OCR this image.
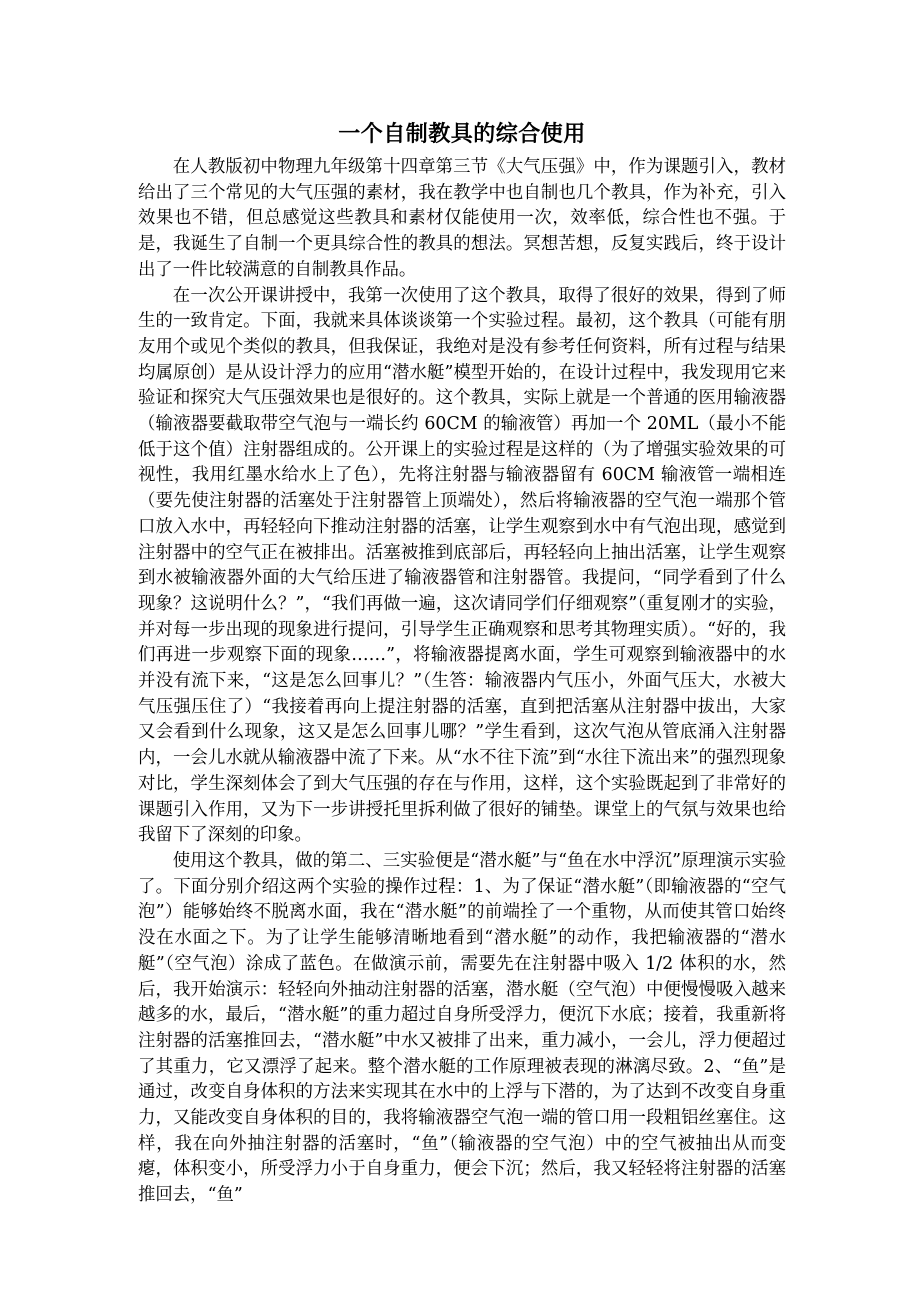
一个自制教具的综合使用

在人教版初中物理九年级第十四章第三节《大气压强》中，作为课题引入，教材给出了三个常见的大气压强的素材，我在教学中也自制也几个教具，作为补充，引入效果也不错，但总感觉这些教具和素材仅能使用一次，效率低，综合性也不强。于是，我诞生了自制一个更具综合性的教具的想法。冥想苦想，反复实践后，终于设计出了一件比较满意的自制教具作品。

在一次公开课讲授中，我第一次使用了这个教具，取得了很好的效果，得到了师生的一致肯定。下面，我就来具体谈谈第一个实验过程。最初，这个教具（可能有朋友用个或见个类似的教具，但我保证，我绝对是没有参考任何资料，所有过程与结果均属原创）是从设计浮力的应用“潜水艇”模型开始的，在设计过程中，我发现用它来验证和探究大气压强效果也是很好的。这个教具，实际上就是一个普通的医用输液器（输液器要截取带空气泡与一端长约 60CM 的输液管）再加一个 20ML（最小不能低于这个值）注射器组成的。公开课上的实验过程是这样的（为了增强实验效果的可视性，我用红墨水给水上了色），先将注射器与输液器留有 60CM 输液管一端相连（要先使注射器的活塞处于注射器管上顶端处），然后将输液器的空气泡一端那个管口放入水中，再轻轻向下推动注射器的活塞，让学生观察到水中有气泡出现，感觉到注射器中的空气正在被排出。活塞被推到底部后，再轻轻向上抽出活塞，让学生观察到水被输液器外面的大气给压进了输液器管和注射器管。我提问，“同学看到了什么现象？这说明什么？”，“我们再做一遍，这次请同学们仔细观察”（重复刚才的实验，并对每一步出现的现象进行提问，引导学生正确观察和思考其物理实质）。“好的，我们再进一步观察下面的现象……”，将输液器提离水面，学生可观察到输液器中的水并没有流下来，“这是怎么回事儿？”（生答：输液器内气压小，外面气压大，水被大气压强压住了）“我接着再向上提注射器的活塞，直到把活塞从注射器中拔出，大家又会看到什么现象，这又是怎么回事儿哪？”学生看到，这次气泡从管底涌入注射器内，一会儿水就从输液器中流了下来。从“水不往下流”到“水往下流出来”的强烈现象对比，学生深刻体会了到大气压强的存在与作用，这样，这个实验既起到了非常好的课题引入作用，又为下一步讲授托里拆利做了很好的铺垫。课堂上的气氛与效果也给我留下了深刻的印象。

使用这个教具，做的第二、三实验便是“潜水艇”与“鱼在水中浮沉”原理演示实验了。下面分别介绍这两个实验的操作过程：1、为了保证“潜水艇”（即输液器的“空气泡”）能够始终不脱离水面，我在“潜水艇”的前端拴了一个重物，从而使其管口始终没在水面之下。为了让学生能够清晰地看到“潜水艇”的动作，我把输液器的“潜水艇”（空气泡）涂成了蓝色。在做演示前，需要先在注射器中吸入 1/2 体积的水，然后，我开始演示：轻轻向外抽动注射器的活塞，潜水艇（空气泡）中便慢慢吸入越来越多的水，最后，“潜水艇”的重力超过自身所受浮力，便沉下水底；接着，我重新将注射器的活塞推回去，“潜水艇”中水又被排了出来，重力减小，一会儿，浮力便超过了其重力，它又漂浮了起来。整个潜水艇的工作原理被表现的淋漓尽致。2、“鱼”是通过，改变自身体积的方法来实现其在水中的上浮与下潜的，为了达到不改变自身重力，又能改变自身体积的目的，我将输液器空气泡一端的管口用一段粗铝丝塞住。这样，我在向外抽注射器的活塞时，“鱼”（输液器的空气泡）中的空气被抽出从而变瘪，体积变小，所受浮力小于自身重力，便会下沉；然后，我又轻轻将注射器的活塞推回去，“鱼”
